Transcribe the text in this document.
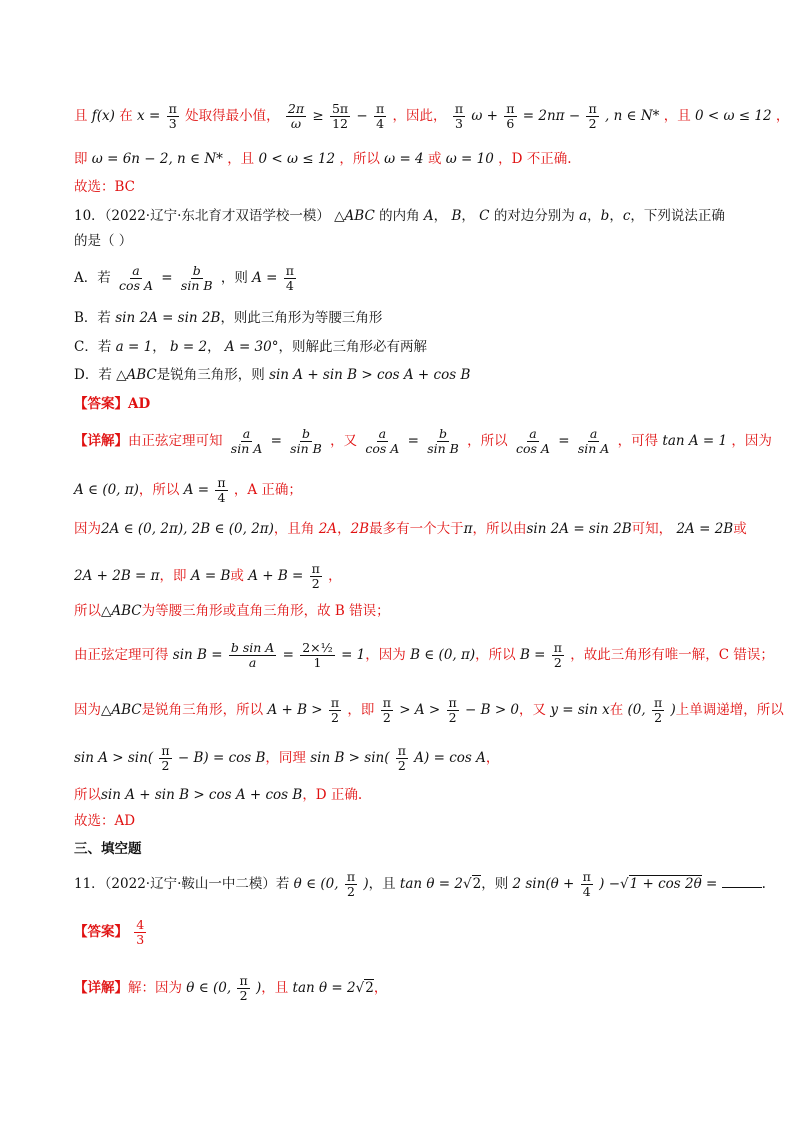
且 f(x) 在 $x = \frac{\pi}{3}$ 处取得最小值， $\frac{2\pi}{\omega} \ge \frac{5\pi}{12} - \frac{\pi}{4}$ ，因此， $\frac{\pi}{3}$ $\omega + \frac{\pi}{6} = 2n\pi - \frac{\pi}{2}$ , n ∈ N* ，且 0 < ω ≤ 12 ，
即 ω = 6n − 2, n ∈ N* ，且 0 < ω ≤ 12 ，所以 ω = 4 或 ω = 10 ，D 不正确.
故选：BC
10．（2022·辽宁·东北育才双语学校一模） △ABC 的内角 A， B， C 的对边分别为 a，b，c，下列说法正确
的是（ ）
A．若 $\frac{a}{\text{cos A}} = \frac{b}{\text{sin B}}$ ，则 $A = \frac{\pi}{4}$
B．若 sin 2A = sin 2B，则此三角形为等腰三角形
C．若 a = 1， b = 2， A = 30°，则解此三角形必有两解
D．若 △ABC是锐角三角形，则 sin A + sin B > cos A + cos B
【答案】AD
【详解】由正弦定理可知 $\frac{a}{\text{sin A}} = \frac{b}{\text{sin B}}$ ，又 $\frac{a}{\text{cos A}} = \frac{b}{\text{sin B}}$ ，所以 $\frac{a}{\text{cos A}} = \frac{a}{\text{sin A}}$ ，可得 tan A = 1 ，因为
A ∈ (0, π)，所以 $A = \frac{\pi}{4}$ ，A 正确；
因为2A ∈ (0, 2π), 2B ∈ (0, 2π)，且角 2A，2B最多有一个大于π，所以由sin 2A = sin 2B可知， 2A = 2B或
2A + 2B = π，即 A = B或 $A + B = \frac{\pi}{2}$ ，
所以△ABC为等腰三角形或直角三角形，故 B 错误；
由正弦定理可得 $\sin B = \frac{\text{b sin A}}{a} = \frac{\text{2×½}}{1} = 1$，因为 B ∈ (0, π)，所以 $B = \frac{\pi}{2}$ ，故此三角形有唯一解，C 错误；
因为△ABC是锐角三角形，所以 $A + B > \frac{\pi}{2}$ ，即 $\frac{\pi}{2} > A > \frac{\pi}{2} - B > 0$，又 y = sin x在 (0, $\frac{\pi}{2}$ )上单调递增，所以
$\sin A > \sin( \frac{\pi}{2} - B) = \cos B$，同理 $\sin B > \sin( \frac{\pi}{2} A) = \cos A$，
所以sin A + sin B > cos A + cos B，D 正确.
故选：AD
三、填空题
11．（2022·辽宁·鞍山一中二模）若 θ ∈ (0, $\frac{\pi}{2}$ )，且 tan θ = 2√2，则 2 $\sin(\theta + \frac{\pi}{4}$ ) −√1 + cos 2θ =	.
【答案】 $\frac{4}{3}$
【详解】解：因为 θ ∈ (0, $\frac{\pi}{2}$ )，且 tan θ = 2√2，
